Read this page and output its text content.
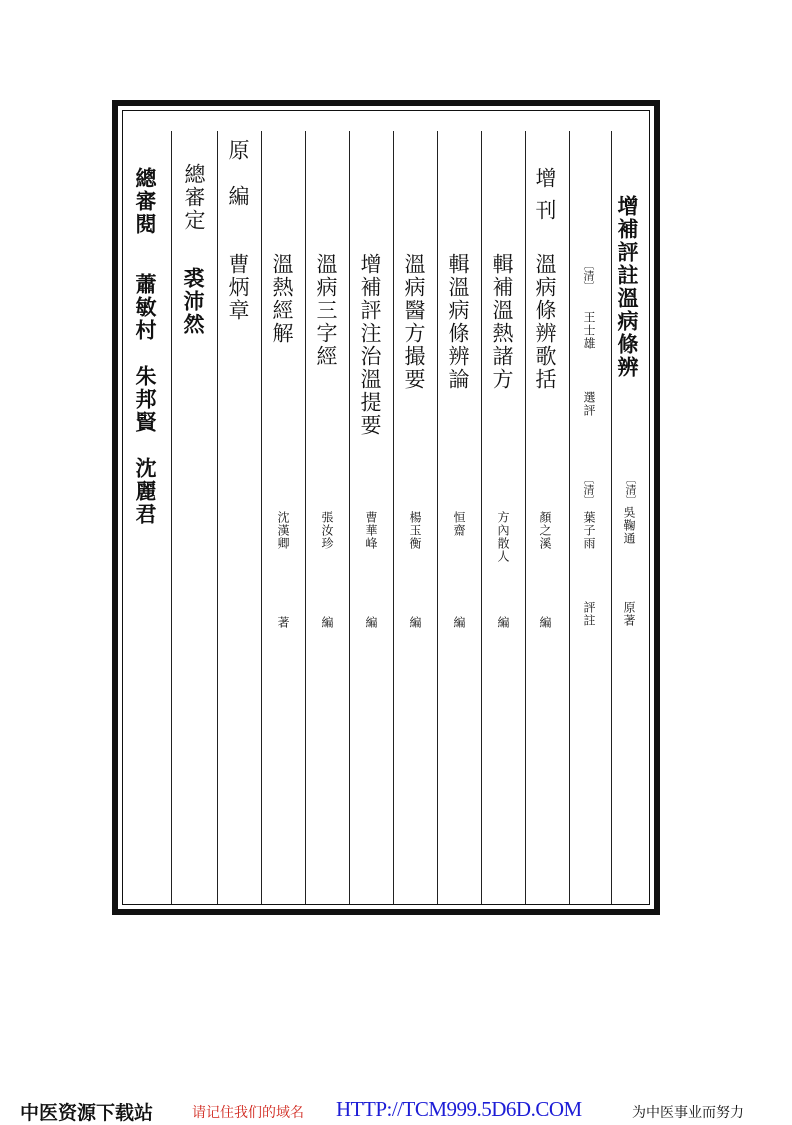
增補評註溫病條辨
〔清〕
吳鞠通
原著
〔清〕
王士雄
選評
〔清〕
葉子雨
評註
增
刊
溫病條辨歌括
顏之溪
編
輯補溫熱諸方
方內散人
編
輯溫病條辨論
恒齋
編
溫病醫方撮要
楊玉衡
編
增補評注治溫提要
曹華峰
編
溫病三字經
張汝珍
編
溫熱經解
沈漢卿
著
原　編
曹炳章
總審定
裘沛然
總審閱
蕭敏村　朱邦賢　沈麗君
中医资源下载站	请记住我们的域名 HTTP://TCM999.5D6D.COM	为中医事业而努力
